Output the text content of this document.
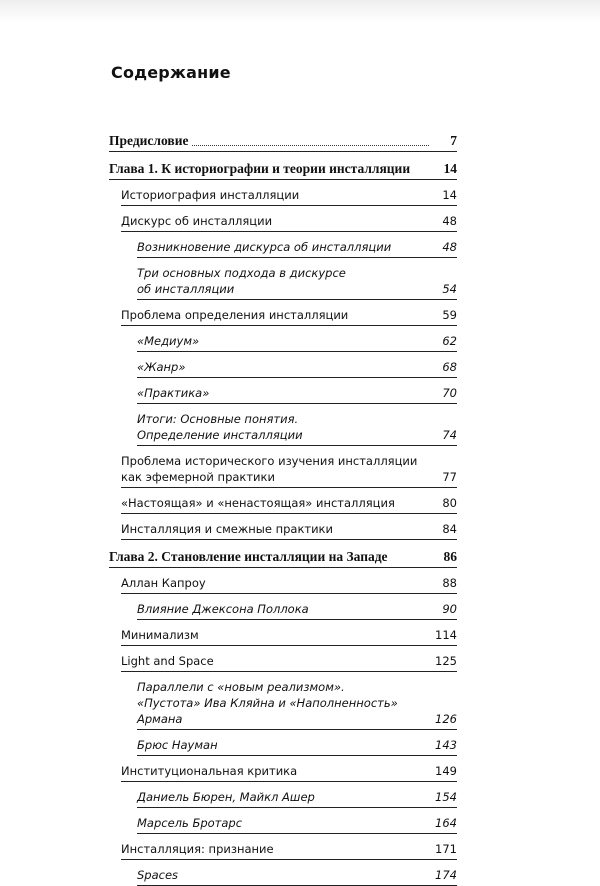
Содержание
Предисловие	7
Глава 1. К историографии и теории инсталляции	14
Историография инсталляции	14
Дискурс об инсталляции	48
Возникновение дискурса об инсталляции	48
Три основных подхода в дискурсе
об инсталляции	54
Проблема определения инсталляции	59
«Медиум»	62
«Жанр»	68
«Практика»	70
Итоги: Основные понятия.
Определение инсталляции	74
Проблема исторического изучения инсталляции
как эфемерной практики	77
«Настоящая» и «ненастоящая» инсталляция	80
Инсталляция и смежные практики	84
Глава 2. Становление инсталляции на Западе	86
Аллан Капроу	88
Влияние Джексона Поллока	90
Минимализм	114
Light and Space	125
Параллели с «новым реализмом».
«Пустота» Ива Кляйна и «Наполненность» Армана	126
Брюс Науман	143
Институциональная критика	149
Даниель Бюрен, Майкл Ашер	154
Марсель Бротарс	164
Инсталляция: признание	171
Spaces	174
